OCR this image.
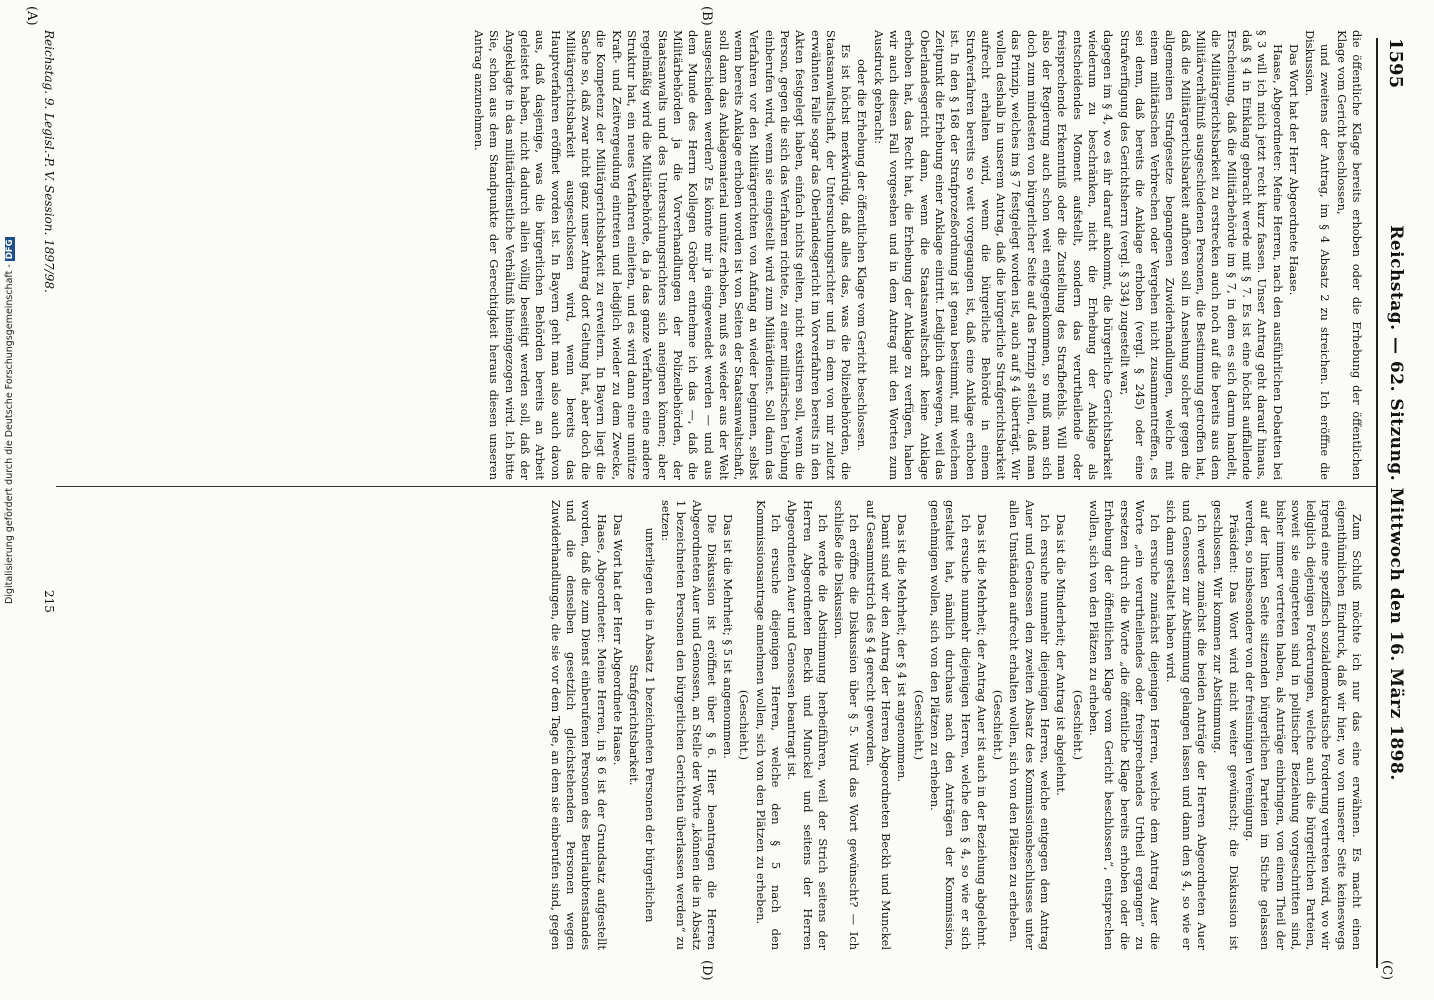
1595
Reichstag. — 62. Sitzung. Mittwoch den 16. März 1898.
(C)
(D)
(B)
(A)

die öffentliche Klage bereits erhoben oder die Erhebung der öffentlichen Klage vom Gericht beschlossen,

und zweitens der Antrag, im § 4 Absatz 2 zu streichen. Ich eröffne die Diskussion.

Das Wort hat der Herr Abgeordnete Haase.

Haase, Abgeordneter: Meine Herren, nach den ausführlichen Debatten bei § 3 will ich mich jetzt recht kurz fassen. Unser Antrag geht darauf hinaus, daß § 4 in Einklang gebracht werde mit § 7. Es ist eine höchst auffallende Erscheinung, daß die Militärbehörde im § 7, in dem es sich darum handelt, die Militärgerichtsbarkeit zu erstrecken auch noch auf die bereits aus dem Militärverhältniß ausgeschiedenen Personen, die Bestimmung getroffen hat, daß die Militärgerichtsbarkeit aufhören soll in Ansehung solcher gegen die allgemeinen Strafgesetze begangenen Zuwiderhandlungen, welche mit einem militärischen Verbrechen oder Vergehen nicht zusammentreffen, es sei denn, daß bereits die Anklage erhoben (vergl. § 245) oder eine Strafverfügung des Gerichtsherrn (vergl. § 334) zugestellt war,

dagegen im § 4, wo es ihr darauf ankommt, die bürgerliche Gerichtsbarkeit wiederum zu beschränken, nicht die Erhebung der Anklage als entscheidendes Moment aufstellt, sondern das verurtheilende oder freisprechende Erkenntniß oder die Zustellung des Strafbefehls. Will man also der Regierung auch schon weit entgegenkommen, so muß man sich doch zum mindesten von bürgerlicher Seite auf das Prinzip stellen, daß man das Prinzip, welches im § 7 festgelegt worden ist, auch auf § 4 überträgt. Wir wollen deshalb in unserem Antrag, daß die bürgerliche Strafgerichtsbarkeit aufrecht erhalten wird, wenn die bürgerliche Behörde in einem Strafverfahren bereits so weit vorgegangen ist, daß eine Anklage erhoben ist. In den § 168 der Strafprozeßordnung ist genau bestimmt, mit welchem Zeitpunkt die Erhebung einer Anklage eintritt. Lediglich deswegen, weil das Oberlandesgericht dann, wenn die Staatsanwaltschaft keine Anklage erhoben hat, das Recht hat, die Erhebung der Anklage zu verfügen, haben wir auch diesen Fall vorgesehen und in dem Antrag mit den Worten zum Ausdruck gebracht:

oder die Erhebung der öffentlichen Klage vom Gericht beschlossen.

Es ist höchst merkwürdig, daß alles das, was die Polizeibehörden, die Staatsanwaltschaft, der Untersuchungsrichter und in dem von mir zuletzt erwähnten Falle sogar das Oberlandesgericht im Vorverfahren bereits in den Akten festgelegt haben, einfach nichts gelten, nicht existiren soll, wenn die Person, gegen die sich das Verfahren richtete, zu einer militärischen Uebung einberufen wird, wenn sie eingestellt wird zum Militärdienst. Soll dann das Verfahren vor den Militärgerichten von Anfang an wieder beginnen, selbst wenn bereits Anklage erhoben worden ist von Seiten der Staatsanwaltschaft, soll dann das Anklagematerial unnütz erhoben, muß es wieder aus der Welt ausgeschieden werden? Es könnte mir ja eingewendet werden — und aus dem Munde des Herrn Kollegen Gröber entnehme ich das —, daß die Militärbehörden ja die Vorverhandlungen der Polizeibehörden, der Staatsanwalts und des Untersuchungsrichters sich aneignen können; aber regelmäßig wird die Militärbehörde, da ja das ganze Verfahren eine andere Struktur hat, ein neues Verfahren einleiten, und es wird dann eine unnütze Kraft- und Zeitvergeudung eintreten und lediglich wieder zu dem Zwecke, die Kompetenz der Militärgerichtsbarkeit zu erweitern. In Bayern liegt die Sache so, daß zwar nicht ganz unser Antrag dort Geltung hat, aber doch die Militärgerichtsbarkeit ausgeschlossen wird, wenn bereits das Hauptverfahren eröffnet worden ist. In Bayern geht man also auch davon aus, daß dasjenige, was die bürgerlichen Behörden bereits an Arbeit geleistet haben, nicht dadurch allein völlig beseitigt werden soll, daß der Angeklagte in das militärdienstliche Verhältniß hineingezogen wird. Ich bitte Sie, schon aus dem Standpunkte der Gerechtigkeit heraus diesen unseren Antrag anzunehmen.

Zum Schluß möchte ich nur das eine erwähnen. Es macht einen eigenthümlichen Eindruck, daß wir hier, wo von unserer Seite keineswegs irgend eine spezifisch sozialdemokratische Forderung vertreten wird, wo wir lediglich diejenigen Forderungen, welche auch die bürgerlichen Parteien, soweit sie eingetreten sind in politischer Beziehung vorgeschritten sind, bisher immer vertreten haben, als Anträge einbringen, von einem Theil der auf der linken Seite sitzenden bürgerlichen Parteien im Stiche gelassen werden, so insbesondere von der freisinnigen Vereinigung.

Präsident: Das Wort wird nicht weiter gewünscht; die Diskussion ist geschlossen. Wir kommen zur Abstimmung.

Ich werde zunächst die beiden Anträge der Herren Abgeordneten Auer und Genossen zur Abstimmung gelangen lassen und dann den § 4, so wie er sich dann gestaltet haben wird.

Ich ersuche zunächst diejenigen Herren, welche dem Antrag Auer die Worte „ein verurtheilendes oder freisprechendes Urtheil ergangen“ zu ersetzen durch die Worte „die öffentliche Klage bereits erhoben oder die Erhebung der öffentlichen Klage vom Gericht beschlossen“, entsprechen wollen, sich von den Plätzen zu erheben.

(Geschieht.)

Das ist die Minderheit; der Antrag ist abgelehnt.

Ich ersuche nunmehr diejenigen Herren, welche entgegen dem Antrag Auer und Genossen den zweiten Absatz des Kommissionsbeschlusses unter allen Umständen aufrecht erhalten wollen, sich von den Plätzen zu erheben.

(Geschieht.)

Das ist die Mehrheit; der Antrag Auer ist auch in der Beziehung abgelehnt.

Ich ersuche nunmehr diejenigen Herren, welche den § 4, so wie er sich gestaltet hat, nämlich durchaus nach den Anträgen der Kommission, genehmigen wollen, sich von den Plätzen zu erheben.

(Geschieht.)

Das ist die Mehrheit; der § 4 ist angenommen.

Damit sind wir den Antrag der Herren Abgeordneten Beckh und Munckel auf Gesammtstrich des § 4 gerecht geworden.

Ich eröffne die Diskussion über § 5. Wird das Wort gewünscht? — Ich schließe die Diskussion.

Ich werde die Abstimmung herbeiführen, weil der Strich seitens der Herren Abgeordneten Beckh und Munckel und seitens der Herren Abgeordneten Auer und Genossen beantragt ist.

Ich ersuche diejenigen Herren, welche den § 5 nach den Kommissionsantrage annehmen wollen, sich von den Plätzen zu erheben.

(Geschieht.)

Das ist die Mehrheit; § 5 ist angenommen.

Die Diskussion ist eröffnet über § 6. Hier beantragen die Herren Abgeordneten Auer und Genossen, an Stelle der Worte „können die in Absatz 1 bezeichneten Personen den bürgerlichen Gerichten überlassen werden“ zu setzen:

unterliegen die in Absatz 1 bezeichneten Personen der bürgerlichen Strafgerichtsbarkeit.

Das Wort hat der Herr Abgeordnete Haase.

Haase, Abgeordneter: Meine Herren, in § 6 ist der Grundsatz aufgestellt worden, daß die zum Dienst einberufenen Personen des Beurlaubtenstandes und die denselben gesetzlich gleichstehenden Personen wegen Zuwiderhandlungen, die sie vor dem Tage, an dem sie einberufen sind, gegen

Reichstag. 9. Legisl.-P. V. Session. 1897/98.
215
Digitalisierung gefördert durch die Deutsche Forschungsgemeinschaft -DFG
